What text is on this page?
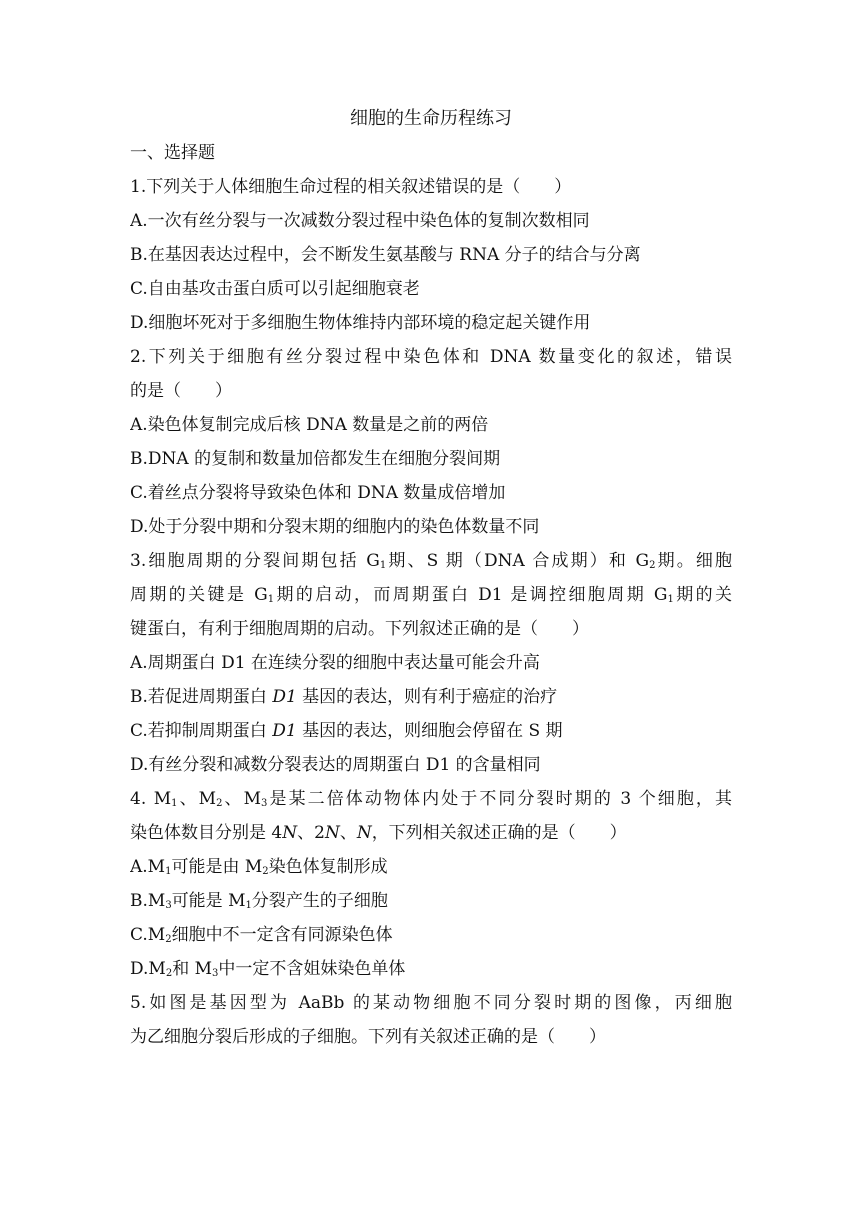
细胞的生命历程练习
一、选择题
1.下列关于人体细胞生命过程的相关叙述错误的是（　　）
A.一次有丝分裂与一次减数分裂过程中染色体的复制次数相同
B.在基因表达过程中，会不断发生氨基酸与 RNA 分子的结合与分离
C.自由基攻击蛋白质可以引起细胞衰老
D.细胞坏死对于多细胞生物体维持内部环境的稳定起关键作用
2.下列关于细胞有丝分裂过程中染色体和 DNA 数量变化的叙述，错误
的是（　　）
A.染色体复制完成后核 DNA 数量是之前的两倍
B.DNA 的复制和数量加倍都发生在细胞分裂间期
C.着丝点分裂将导致染色体和 DNA 数量成倍增加
D.处于分裂中期和分裂末期的细胞内的染色体数量不同
3.细胞周期的分裂间期包括 $G_1$期、S 期（DNA 合成期）和 $G_2$期。细胞
周期的关键是 $G_1$期的启动，而周期蛋白 D1 是调控细胞周期 $G_1$期的关
键蛋白，有利于细胞周期的启动。下列叙述正确的是（　　）
A.周期蛋白 D1 在连续分裂的细胞中表达量可能会升高
B.若促进周期蛋白 D1 基因的表达，则有利于癌症的治疗
C.若抑制周期蛋白 D1 基因的表达，则细胞会停留在 S 期
D.有丝分裂和减数分裂表达的周期蛋白 D1 的含量相同
4. $M_1$、$M_2$、$M_3$是某二倍体动物体内处于不同分裂时期的 3 个细胞，其
染色体数目分别是 4N、2N、N，下列相关叙述正确的是（　　）
$A.M_1$可能是由 $M_2$染色体复制形成
$B.M_3$可能是 $M_1$分裂产生的子细胞
$C.M_2$细胞中不一定含有同源染色体
$D.M_2$和 $M_3$中一定不含姐妹染色单体
5.如图是基因型为 AaBb 的某动物细胞不同分裂时期的图像，丙细胞
为乙细胞分裂后形成的子细胞。下列有关叙述正确的是（　　）
